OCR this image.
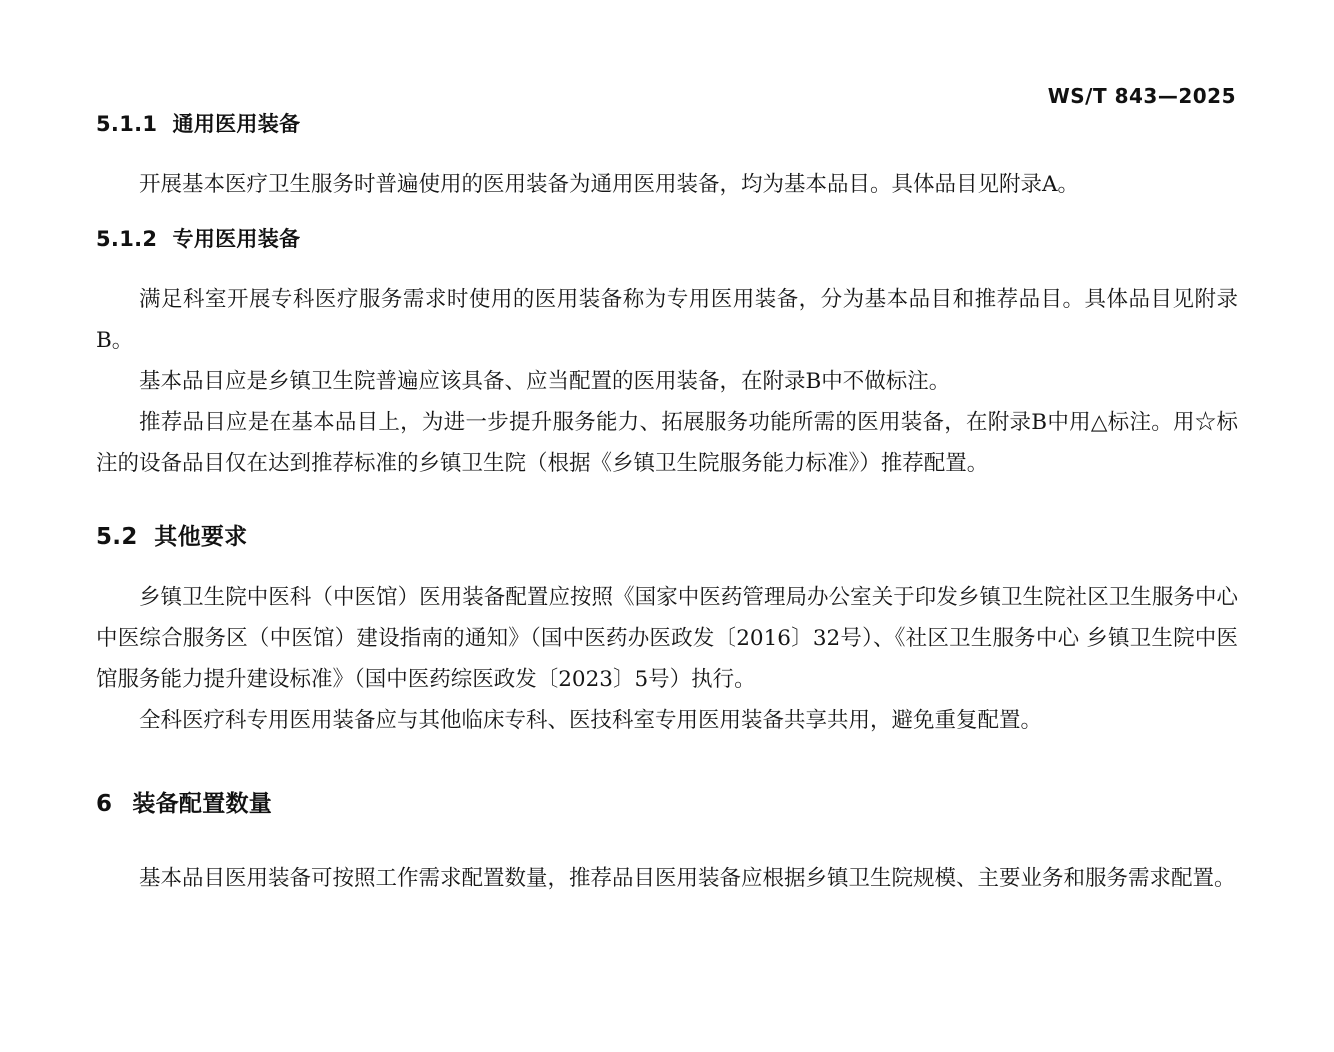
WS/T 843—2025
5.1.1 通用医用装备

开展基本医疗卫生服务时普遍使用的医用装备为通用医用装备，均为基本品目。具体品目见附录A。

5.1.2 专用医用装备

满足科室开展专科医疗服务需求时使用的医用装备称为专用医用装备，分为基本品目和推荐品目。具体品目见附录B。

基本品目应是乡镇卫生院普遍应该具备、应当配置的医用装备，在附录B中不做标注。

推荐品目应是在基本品目上，为进一步提升服务能力、拓展服务功能所需的医用装备，在附录B中用△标注。用☆标注的设备品目仅在达到推荐标准的乡镇卫生院（根据《乡镇卫生院服务能力标准》）推荐配置。

5.2 其他要求

乡镇卫生院中医科（中医馆）医用装备配置应按照《国家中医药管理局办公室关于印发乡镇卫生院社区卫生服务中心中医综合服务区（中医馆）建设指南的通知》（国中医药办医政发〔2016〕32号）、《社区卫生服务中心 乡镇卫生院中医馆服务能力提升建设标准》（国中医药综医政发〔2023〕5号）执行。

全科医疗科专用医用装备应与其他临床专科、医技科室专用医用装备共享共用，避免重复配置。

6 装备配置数量

基本品目医用装备可按照工作需求配置数量，推荐品目医用装备应根据乡镇卫生院规模、主要业务和服务需求配置。
